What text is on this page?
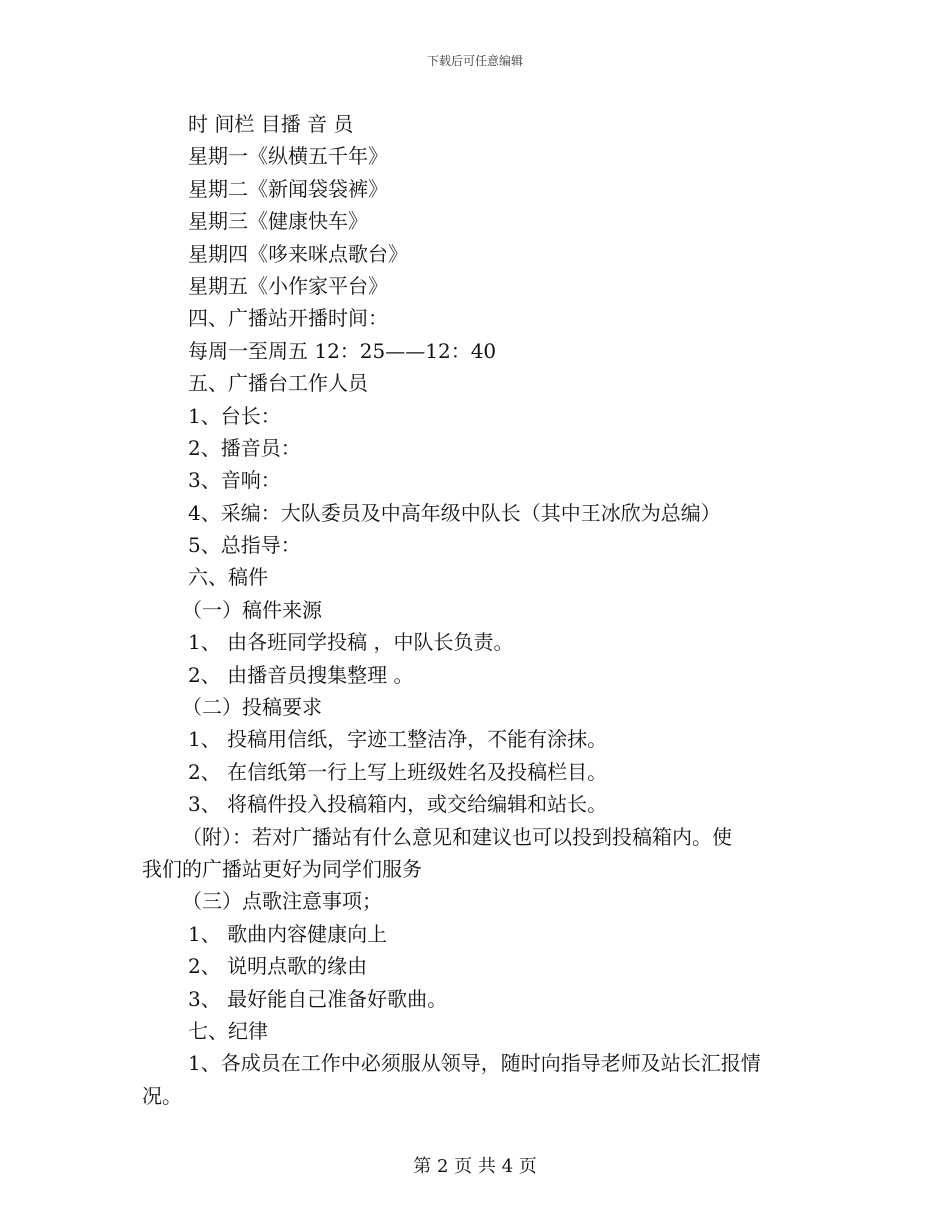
下载后可任意编辑
时 间栏 目播 音 员
星期一《纵横五千年》
星期二《新闻袋袋裤》
星期三《健康快车》
星期四《哆来咪点歌台》
星期五《小作家平台》
四、广播站开播时间：
每周一至周五 12：25——12：40
五、广播台工作人员
1、台长：
2、播音员：
3、音响：
4、采编：大队委员及中高年级中队长（其中王冰欣为总编）
5、总指导：
六、稿件
（一）稿件来源
1、 由各班同学投稿 ，中队长负责。
2、 由播音员搜集整理 。
（二）投稿要求
1、 投稿用信纸，字迹工整洁净，不能有涂抹。
2、 在信纸第一行上写上班级姓名及投稿栏目。
3、 将稿件投入投稿箱内，或交给编辑和站长。
（附）：若对广播站有什么意见和建议也可以投到投稿箱内。使
我们的广播站更好为同学们服务
（三）点歌注意事项；
1、 歌曲内容健康向上
2、 说明点歌的缘由
3、 最好能自己准备好歌曲。
七、纪律
1、各成员在工作中必须服从领导，随时向指导老师及站长汇报情
况。
第 2 页 共 4 页
